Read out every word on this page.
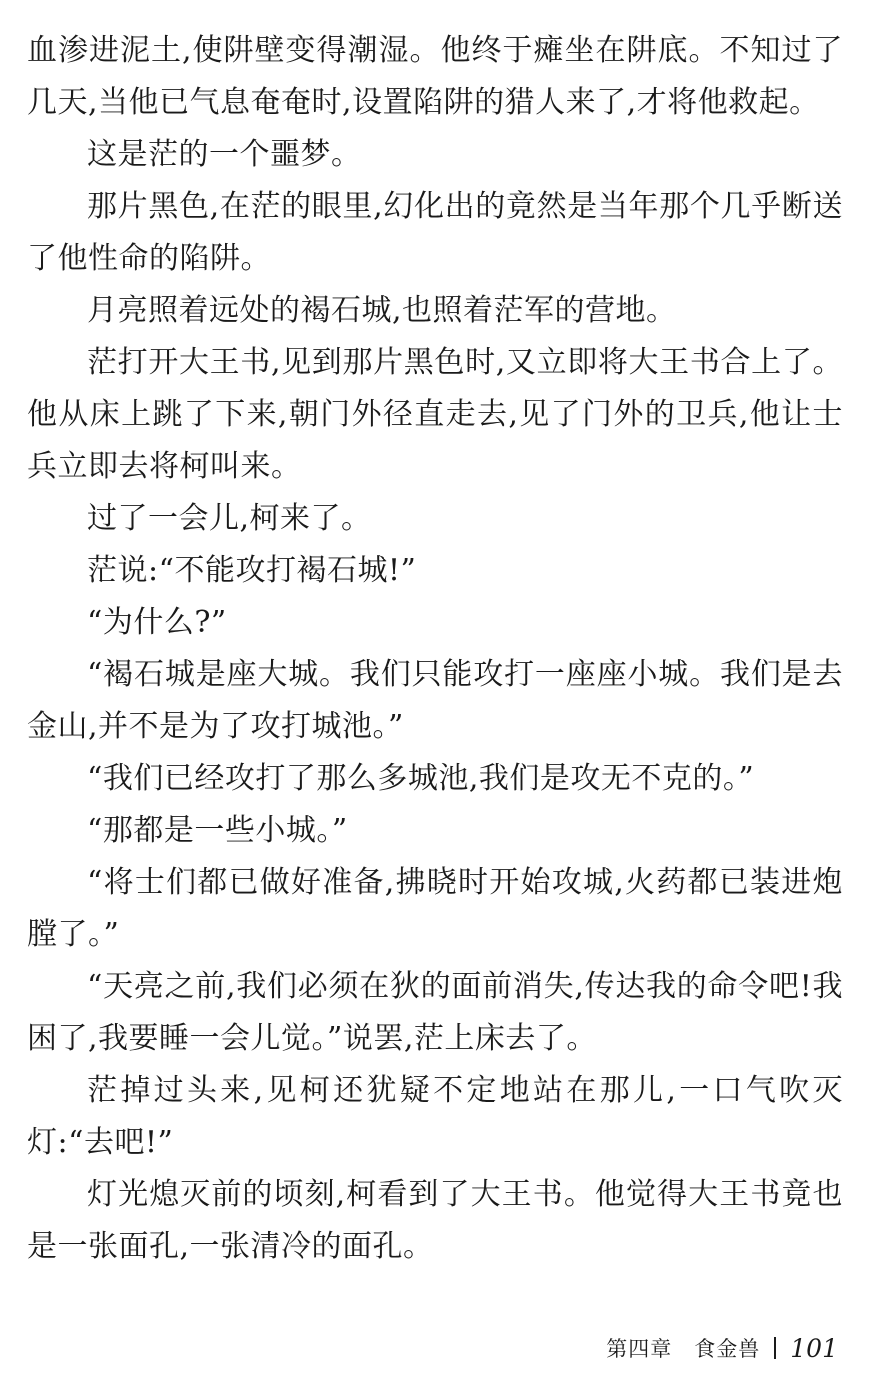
血渗进泥土,使阱壁变得潮湿。他终于瘫坐在阱底。不知过了几天,当他已气息奄奄时,设置陷阱的猎人来了,才将他救起。

这是茫的一个噩梦。

那片黑色,在茫的眼里,幻化出的竟然是当年那个几乎断送了他性命的陷阱。

月亮照着远处的褐石城,也照着茫军的营地。

茫打开大王书,见到那片黑色时,又立即将大王书合上了。他从床上跳了下来,朝门外径直走去,见了门外的卫兵,他让士兵立即去将柯叫来。

过了一会儿,柯来了。

茫说:“不能攻打褐石城!”

“为什么?”

“褐石城是座大城。我们只能攻打一座座小城。我们是去金山,并不是为了攻打城池。”

“我们已经攻打了那么多城池,我们是攻无不克的。”

“那都是一些小城。”

“将士们都已做好准备,拂晓时开始攻城,火药都已装进炮膛了。”

“天亮之前,我们必须在狄的面前消失,传达我的命令吧!我困了,我要睡一会儿觉。”说罢,茫上床去了。

茫掉过头来,见柯还犹疑不定地站在那儿,一口气吹灭灯:“去吧!”

灯光熄灭前的顷刻,柯看到了大王书。他觉得大王书竟也是一张面孔,一张清冷的面孔。

第四章　食金兽 101
